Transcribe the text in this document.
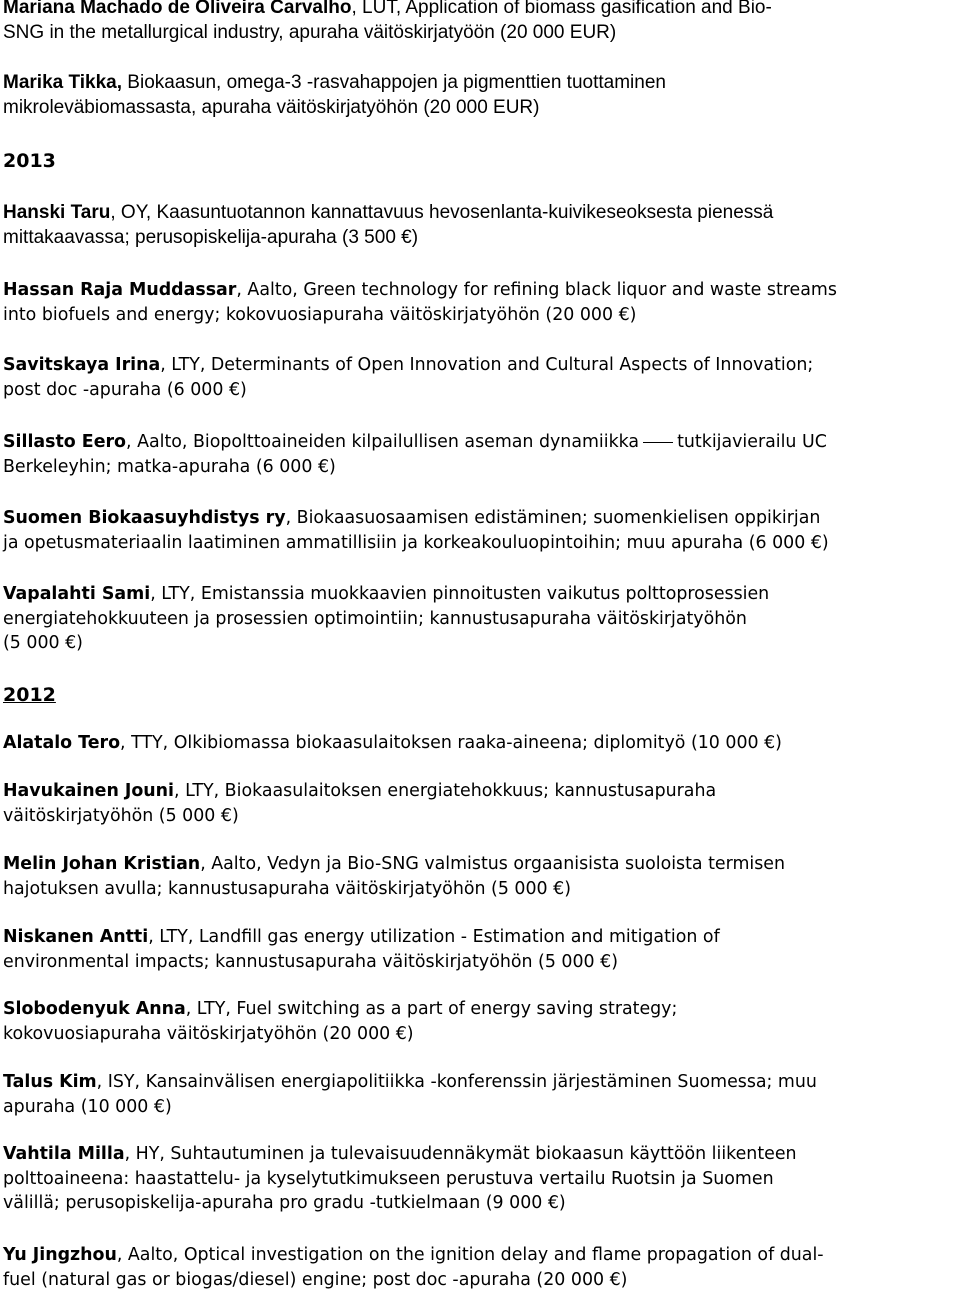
Mariana Machado de Oliveira Carvalho, LUT, Application of biomass gasification and Bio-
SNG in the metallurgical industry, apuraha väitöskirjatyöön (20 000 EUR)
Marika Tikka, Biokaasun, omega-3 -rasvahappojen ja pigmenttien tuottaminen
mikroleväbiomassasta, apuraha väitöskirjatyöhön (20 000 EUR)
2013
Hanski Taru, OY, Kaasuntuotannon kannattavuus hevosenlanta-kuivikeseoksesta pienessä
mittakaavassa; perusopiskelija-apuraha (3 500 €)
Hassan Raja Muddassar, Aalto, Green technology for refining black liquor and waste streams
into biofuels and energy; kokovuosiapuraha väitöskirjatyöhön (20 000 €)
Savitskaya Irina, LTY, Determinants of Open Innovation and Cultural Aspects of Innovation;
post doc -apuraha (6 000 €)
Sillasto Eero, Aalto, Biopolttoaineiden kilpailullisen aseman dynamiikka tutkijavierailu UC
Berkeleyhin; matka-apuraha (6 000 €)
Suomen Biokaasuyhdistys ry, Biokaasuosaamisen edistäminen; suomenkielisen oppikirjan
ja opetusmateriaalin laatiminen ammatillisiin ja korkeakouluopintoihin; muu apuraha (6 000 €)
Vapalahti Sami, LTY, Emistanssia muokkaavien pinnoitusten vaikutus polttoprosessien
energiatehokkuuteen ja prosessien optimointiin; kannustusapuraha väitöskirjatyöhön
(5 000 €)
2012
Alatalo Tero, TTY, Olkibiomassa biokaasulaitoksen raaka-aineena; diplomityö (10 000 €)
Havukainen Jouni, LTY, Biokaasulaitoksen energiatehokkuus; kannustusapuraha
väitöskirjatyöhön (5 000 €)
Melin Johan Kristian, Aalto, Vedyn ja Bio-SNG valmistus orgaanisista suoloista termisen
hajotuksen avulla; kannustusapuraha väitöskirjatyöhön (5 000 €)
Niskanen Antti, LTY, Landfill gas energy utilization - Estimation and mitigation of
environmental impacts; kannustusapuraha väitöskirjatyöhön (5 000 €)
Slobodenyuk Anna, LTY, Fuel switching as a part of energy saving strategy;
kokovuosiapuraha väitöskirjatyöhön (20 000 €)
Talus Kim, ISY, Kansainvälisen energiapolitiikka -konferenssin järjestäminen Suomessa; muu
apuraha (10 000 €)
Vahtila Milla, HY, Suhtautuminen ja tulevaisuudennäkymät biokaasun käyttöön liikenteen
polttoaineena: haastattelu- ja kyselytutkimukseen perustuva vertailu Ruotsin ja Suomen
välillä; perusopiskelija-apuraha pro gradu -tutkielmaan (9 000 €)
Yu Jingzhou, Aalto, Optical investigation on the ignition delay and flame propagation of dual-
fuel (natural gas or biogas/diesel) engine; post doc -apuraha (20 000 €)
